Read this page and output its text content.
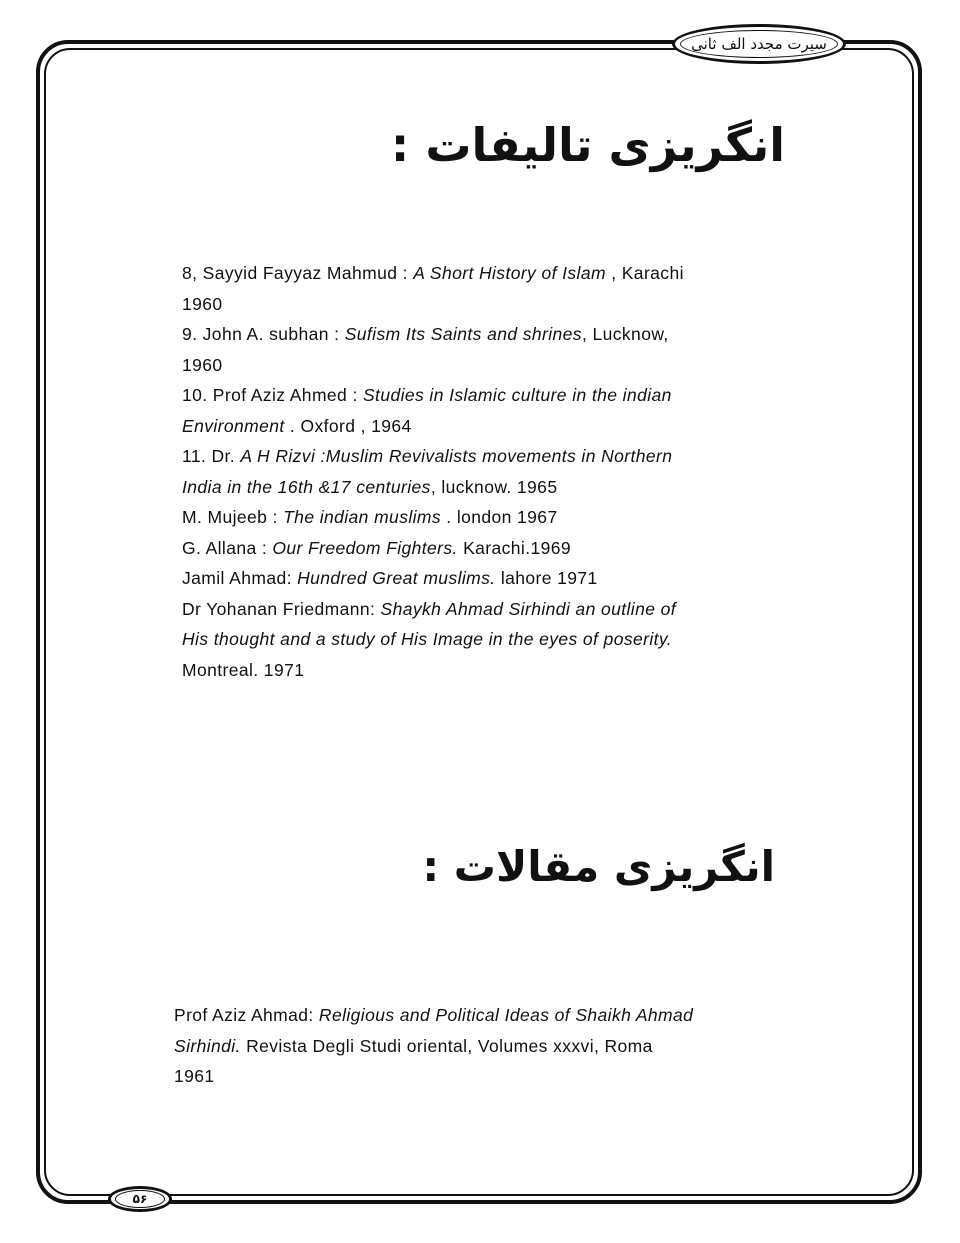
سیرت مجدد الف ثانی
انگریزی تالیفات :

8, Sayyid Fayyaz Mahmud : A Short History of Islam , Karachi
1960

9. John A. subhan : Sufism Its Saints and shrines, Lucknow,
1960

10. Prof Aziz Ahmed : Studies in Islamic culture in the indian
Environment . Oxford , 1964

11. Dr. A H Rizvi :Muslim Revivalists movements in Northern
India in the 16th &17 centuries, lucknow. 1965

M. Mujeeb : The indian muslims . london 1967

G. Allana : Our Freedom Fighters. Karachi.1969

Jamil Ahmad: Hundred Great muslims. lahore 1971

Dr Yohanan Friedmann: Shaykh Ahmad Sirhindi an outline of
His thought and a study of His Image in the eyes of poserity.
Montreal. 1971

انگریزی مقالات :

Prof Aziz Ahmad: Religious and Political Ideas of Shaikh Ahmad
Sirhindi. Revista Degli Studi oriental, Volumes xxxvi, Roma
1961

۵۶
